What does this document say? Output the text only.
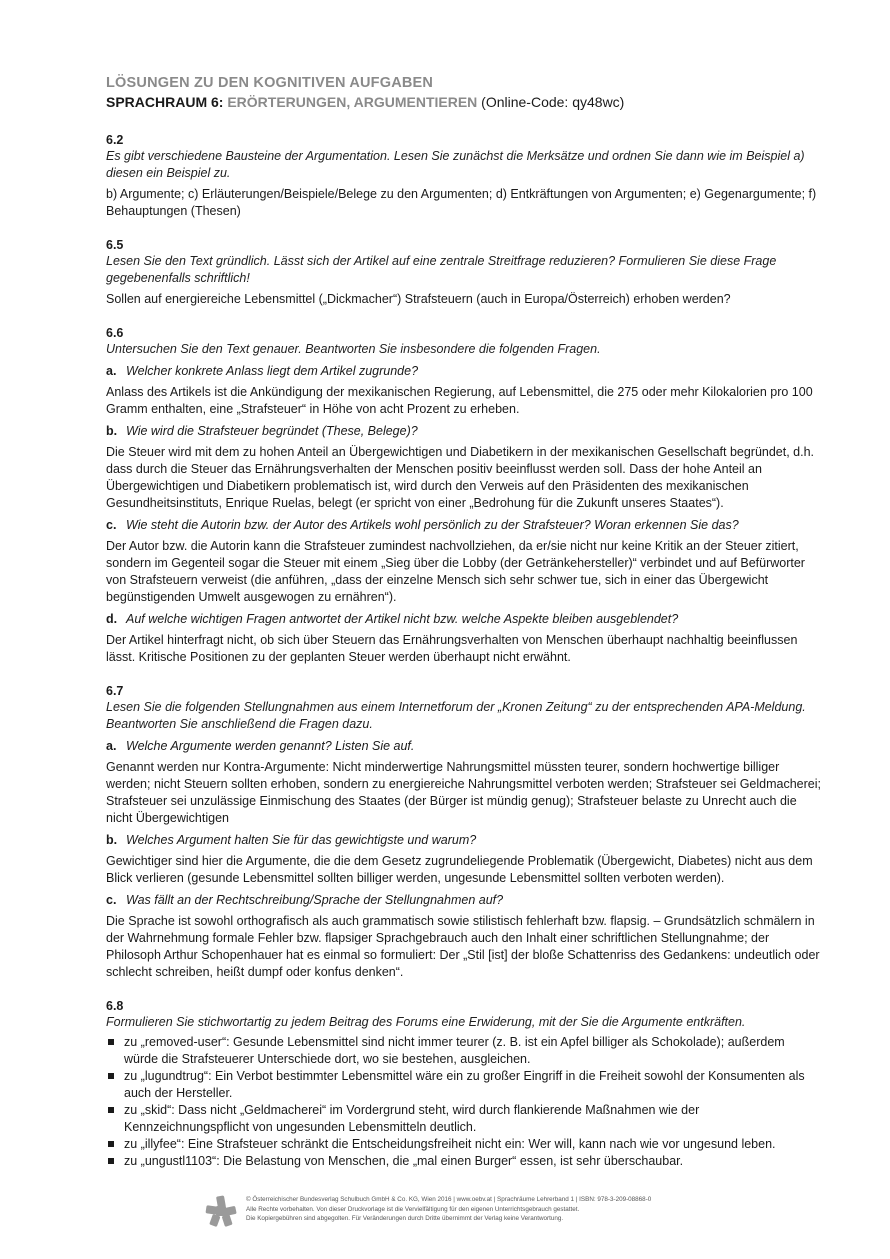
LÖSUNGEN ZU DEN KOGNITIVEN AUFGABEN
SPRACHRAUM 6: ERÖRTERUNGEN, ARGUMENTIEREN (Online-Code: qy48wc)
6.2
Es gibt verschiedene Bausteine der Argumentation. Lesen Sie zunächst die Merksätze und ordnen Sie dann wie im Beispiel a) diesen ein Beispiel zu.
b) Argumente; c) Erläuterungen/Beispiele/Belege zu den Argumenten; d) Entkräftungen von Argumenten; e) Gegenargumente; f) Behauptungen (Thesen)
6.5
Lesen Sie den Text gründlich. Lässt sich der Artikel auf eine zentrale Streitfrage reduzieren? Formulieren Sie diese Frage gegebenenfalls schriftlich!
Sollen auf energiereiche Lebensmittel („Dickmacher“) Strafsteuern (auch in Europa/Österreich) erhoben werden?
6.6
Untersuchen Sie den Text genauer. Beantworten Sie insbesondere die folgenden Fragen.
a. Welcher konkrete Anlass liegt dem Artikel zugrunde?
Anlass des Artikels ist die Ankündigung der mexikanischen Regierung, auf Lebensmittel, die 275 oder mehr Kilokalorien pro 100 Gramm enthalten, eine „Strafsteuer“ in Höhe von acht Prozent zu erheben.
b. Wie wird die Strafsteuer begründet (These, Belege)?
Die Steuer wird mit dem zu hohen Anteil an Übergewichtigen und Diabetikern in der mexikanischen Gesellschaft begründet, d.h. dass durch die Steuer das Ernährungsverhalten der Menschen positiv beeinflusst werden soll. Dass der hohe Anteil an Übergewichtigen und Diabetikern problematisch ist, wird durch den Verweis auf den Präsidenten des mexikanischen Gesundheitsinstituts, Enrique Ruelas, belegt (er spricht von einer „Bedrohung für die Zukunft unseres Staates“).
c. Wie steht die Autorin bzw. der Autor des Artikels wohl persönlich zu der Strafsteuer? Woran erkennen Sie das?
Der Autor bzw. die Autorin kann die Strafsteuer zumindest nachvollziehen, da er/sie nicht nur keine Kritik an der Steuer zitiert, sondern im Gegenteil sogar die Steuer mit einem „Sieg über die Lobby (der Getränkehersteller)“ verbindet und auf Befürworter von Strafsteuern verweist (die anführen, „dass der einzelne Mensch sich sehr schwer tue, sich in einer das Übergewicht begünstigenden Umwelt ausgewogen zu ernähren“).
d. Auf welche wichtigen Fragen antwortet der Artikel nicht bzw. welche Aspekte bleiben ausgeblendet?
Der Artikel hinterfragt nicht, ob sich über Steuern das Ernährungsverhalten von Menschen überhaupt nachhaltig beeinflussen lässt. Kritische Positionen zu der geplanten Steuer werden überhaupt nicht erwähnt.
6.7
Lesen Sie die folgenden Stellungnahmen aus einem Internetforum der „Kronen Zeitung“ zu der entsprechenden APA-Meldung. Beantworten Sie anschließend die Fragen dazu.
a. Welche Argumente werden genannt? Listen Sie auf.
Genannt werden nur Kontra-Argumente: Nicht minderwertige Nahrungsmittel müssten teurer, sondern hochwertige billiger werden; nicht Steuern sollten erhoben, sondern zu energiereiche Nahrungsmittel verboten werden; Strafsteuer sei Geldmacherei; Strafsteuer sei unzulässige Einmischung des Staates (der Bürger ist mündig genug); Strafsteuer belaste zu Unrecht auch die nicht Übergewichtigen
b. Welches Argument halten Sie für das gewichtigste und warum?
Gewichtiger sind hier die Argumente, die die dem Gesetz zugrundeliegende Problematik (Übergewicht, Diabetes) nicht aus dem Blick verlieren (gesunde Lebensmittel sollten billiger werden, ungesunde Lebensmittel sollten verboten werden).
c. Was fällt an der Rechtschreibung/Sprache der Stellungnahmen auf?
Die Sprache ist sowohl orthografisch als auch grammatisch sowie stilistisch fehlerhaft bzw. flapsig. – Grundsätzlich schmälern in der Wahrnehmung formale Fehler bzw. flapsiger Sprachgebrauch auch den Inhalt einer schriftlichen Stellungnahme; der Philosoph Arthur Schopenhauer hat es einmal so formuliert: Der „Stil [ist] der bloße Schattenriss des Gedankens: undeutlich oder schlecht schreiben, heißt dumpf oder konfus denken“.
6.8
Formulieren Sie stichwortartig zu jedem Beitrag des Forums eine Erwiderung, mit der Sie die Argumente entkräften.
zu „removed-user“: Gesunde Lebensmittel sind nicht immer teurer (z. B. ist ein Apfel billiger als Schokolade); außerdem würde die Strafsteuerer Unterschiede dort, wo sie bestehen, ausgleichen.
zu „lugundtrug“: Ein Verbot bestimmter Lebensmittel wäre ein zu großer Eingriff in die Freiheit sowohl der Konsumenten als auch der Hersteller.
zu „skid“: Dass nicht „Geldmacherei“ im Vordergrund steht, wird durch flankierende Maßnahmen wie der Kennzeichnungspflicht von ungesunden Lebensmitteln deutlich.
zu „illyfee“: Eine Strafsteuer schränkt die Entscheidungsfreiheit nicht ein: Wer will, kann nach wie vor ungesund leben.
zu „ungustl1103“: Die Belastung von Menschen, die „mal einen Burger“ essen, ist sehr überschaubar.
© Österreichischer Bundesverlag Schulbuch GmbH & Co. KG, Wien 2016 | www.oebv.at | Sprachräume Lehrerband 1 | ISBN: 978-3-209-08868-0
Alle Rechte vorbehalten. Von dieser Druckvorlage ist die Vervielfältigung für den eigenen Unterrichtsgebrauch gestattet.
Die Kopiergebühren sind abgegolten. Für Veränderungen durch Dritte übernimmt der Verlag keine Verantwortung.
